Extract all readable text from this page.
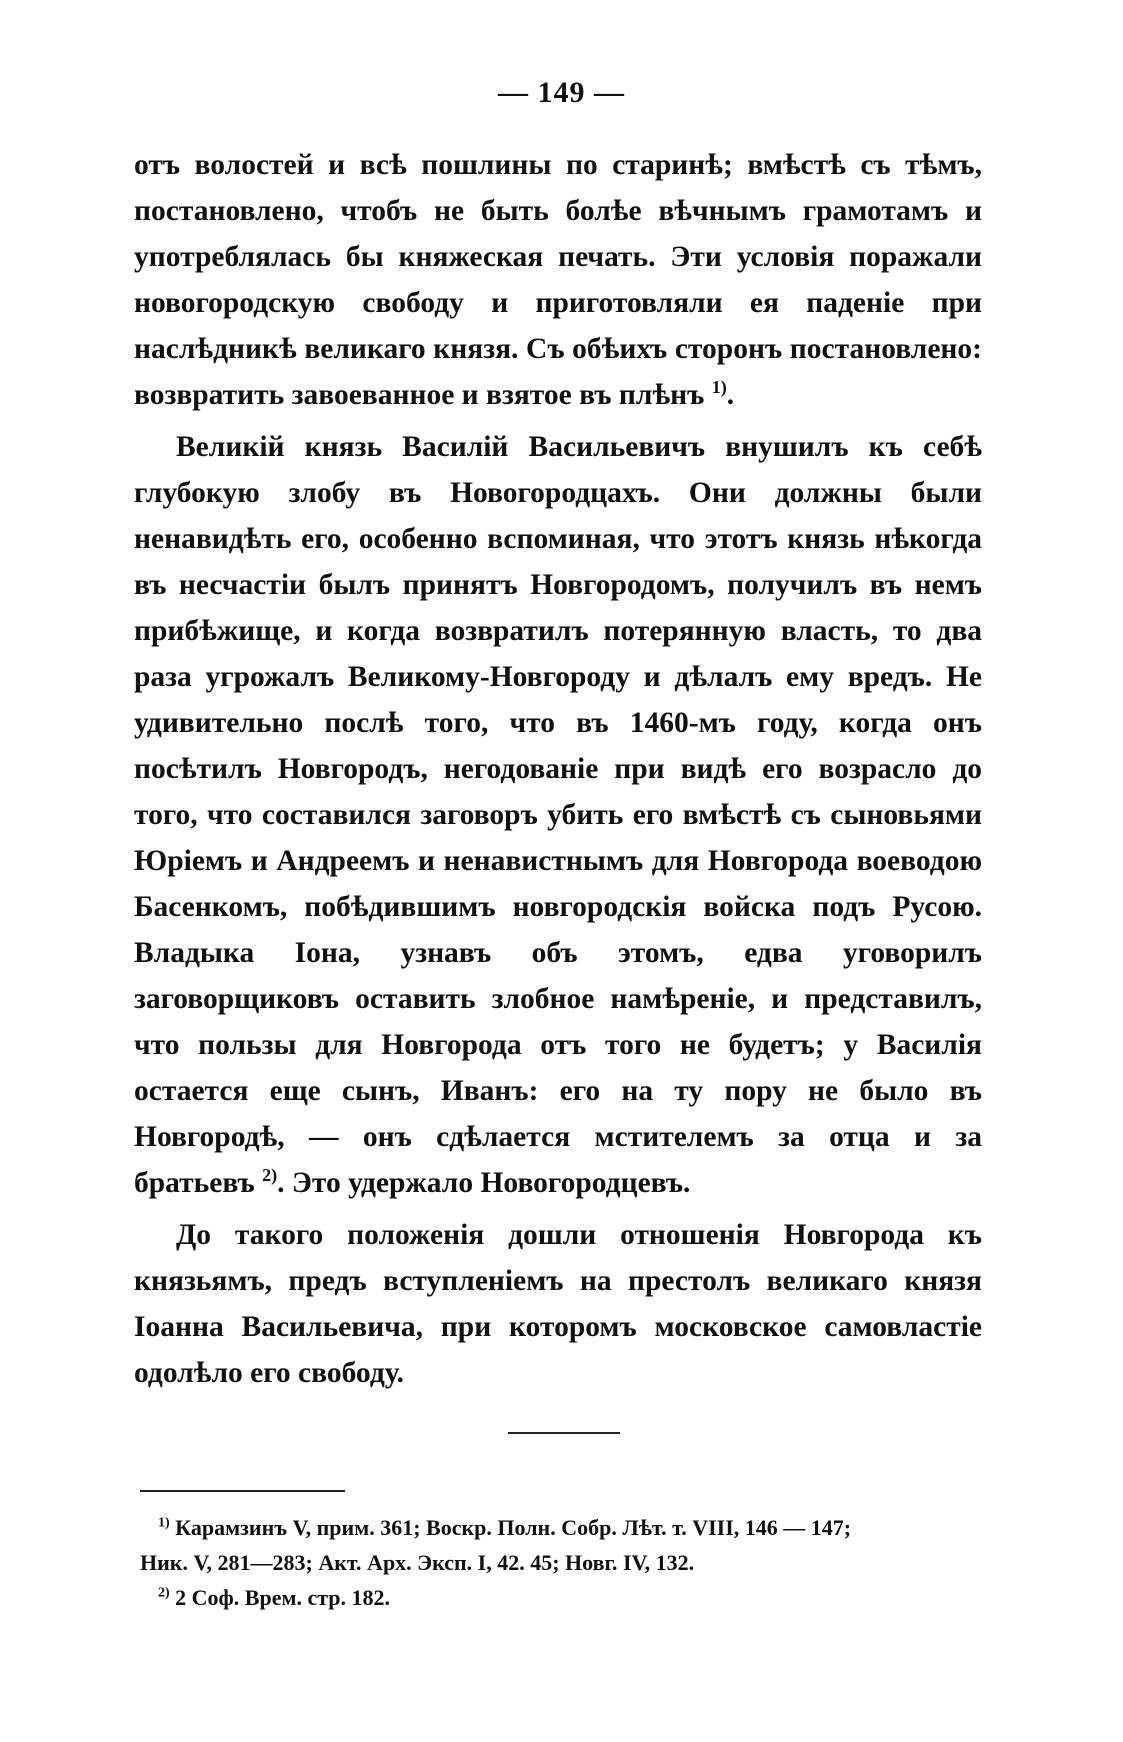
— 149 —

отъ волостей и всѣ пошлины по старинѣ; вмѣстѣ съ тѣмъ, постановлено, чтобъ не быть болѣе вѣчнымъ грамотамъ и употреблялась бы княжеская печать. Эти условія поражали новогородскую свободу и приготовляли ея паденіе при наслѣдникѣ великаго князя. Съ обѣихъ сторонъ постановлено: возвратить завоеванное и взятое въ плѣнъ $^{1)}$.

Великій князь Василій Васильевичъ внушилъ къ себѣ глубокую злобу въ Новогородцахъ. Они должны были ненавидѣть его, особенно вспоминая, что этотъ князь нѣкогда въ несчастіи былъ принятъ Новгородомъ, получилъ въ немъ прибѣжище, и когда возвратилъ потерянную власть, то два раза угрожалъ Великому-Новгороду и дѣлалъ ему вредъ. Не удивительно послѣ того, что въ 1460-мъ году, когда онъ посѣтилъ Новгородъ, негодованіе при видѣ его возрасло до того, что составился заговоръ убить его вмѣстѣ съ сыновьями Юріемъ и Андреемъ и ненавистнымъ для Новгорода воеводою Басенкомъ, побѣдившимъ новгородскія войска подъ Русою. Владыка Іона, узнавъ объ этомъ, едва уговорилъ заговорщиковъ оставить злобное намѣреніе, и представилъ, что пользы для Новгорода отъ того не будетъ; у Василія остается еще сынъ, Иванъ: его на ту пору не было въ Новгородѣ, — онъ сдѣлается мстителемъ за отца и за братьевъ $^{2)}$. Это удержало Новогородцевъ.

До такого положенія дошли отношенія Новгорода къ князьямъ, предъ вступленіемъ на престолъ великаго князя Іоанна Васильевича, при которомъ московское самовластіе одолѣло его свободу.

$^{1)}$ Карамзинъ V, прим. 361; Воскр. Полн. Собр. Лѣт. т. VIII, 146 — 147;

Ник. V, 281—283; Акт. Арх. Эксп. I, 42. 45; Новг. IV, 132.

$^{2)}$ 2 Соф. Врем. стр. 182.
